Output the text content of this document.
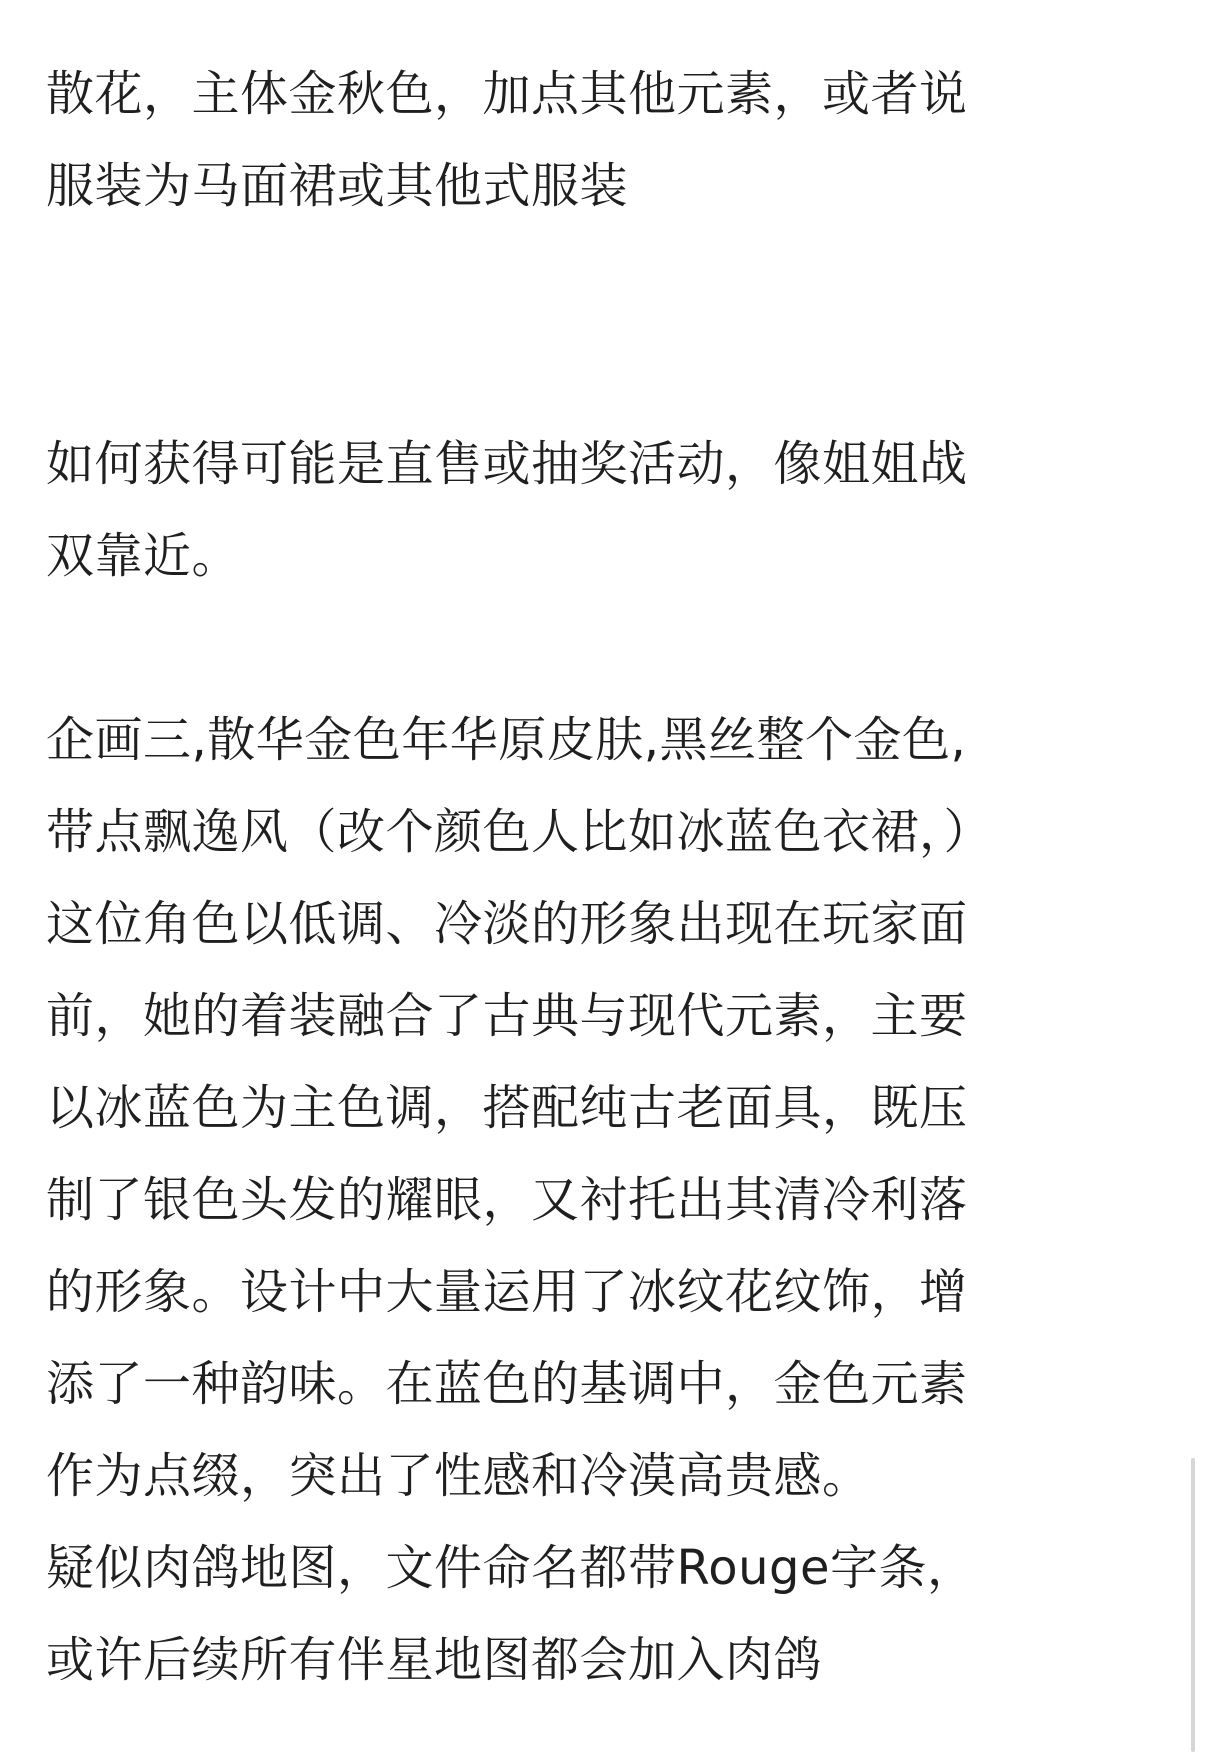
散花，主体金秋色，加点其他元素，或者说
服装为马面裙或其他式服装
如何获得可能是直售或抽奖活动，像姐姐战
双靠近。
企画三,散华金色年华原皮肤,黑丝整个金色,
带点飘逸风（改个颜色人比如冰蓝色衣裙，）
这位角色以低调、冷淡的形象出现在玩家面
前，她的着装融合了古典与现代元素，主要
以冰蓝色为主色调，搭配纯古老面具，既压
制了银色头发的耀眼，又衬托出其清冷利落
的形象。设计中大量运用了冰纹花纹饰，增
添了一种韵味。在蓝色的基调中，金色元素
作为点缀，突出了性感和冷漠高贵感。
疑似肉鸽地图，文件命名都带Rouge字条，
或许后续所有伴星地图都会加入肉鸽
